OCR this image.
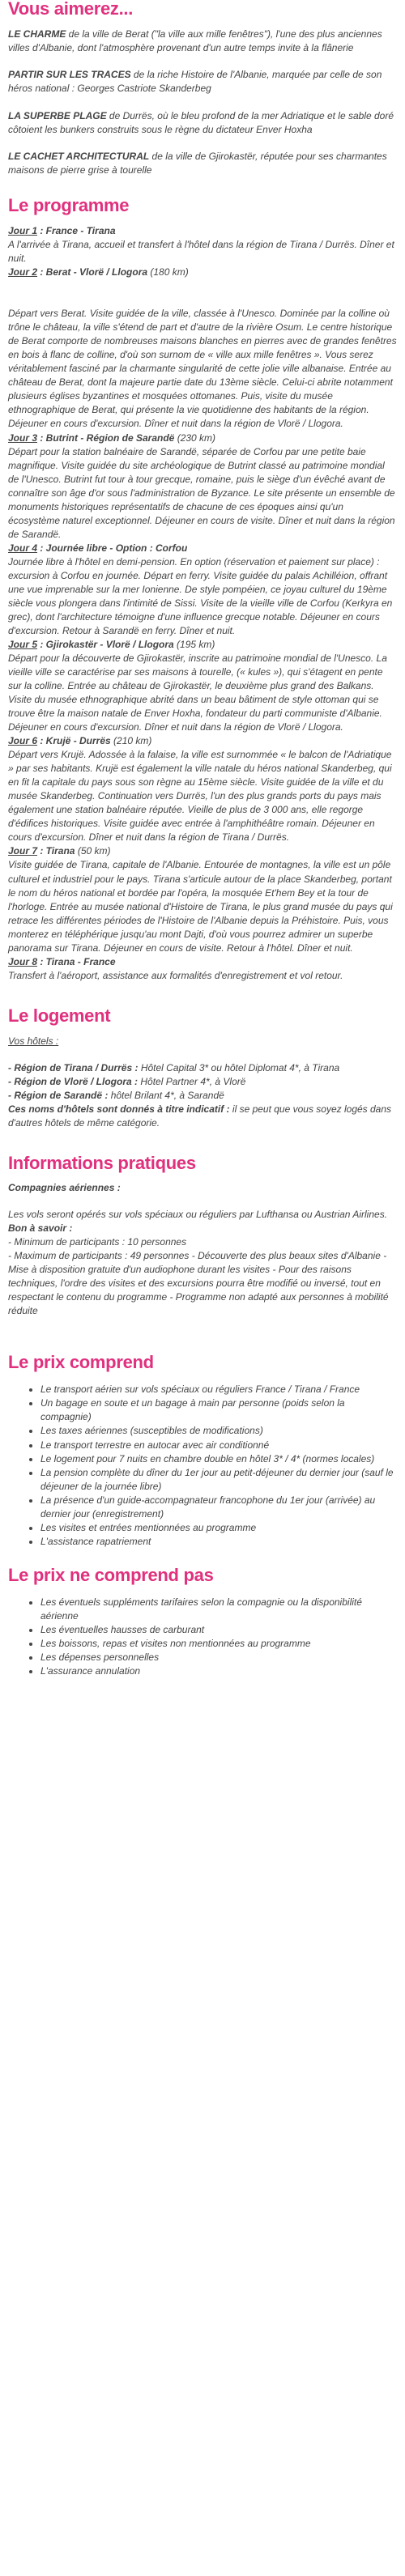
Vous aimerez...

LE CHARME de la ville de Berat ("la ville aux mille fenêtres"), l'une des plus anciennes villes d'Albanie, dont l'atmosphère provenant d'un autre temps invite à la flânerie

PARTIR SUR LES TRACES de la riche Histoire de l'Albanie, marquée par celle de son héros national : Georges Castriote Skanderbeg

LA SUPERBE PLAGE de Durrës, où le bleu profond de la mer Adriatique et le sable doré côtoient les bunkers construits sous le règne du dictateur Enver Hoxha

LE CACHET ARCHITECTURAL de la ville de Gjirokastër, réputée pour ses charmantes maisons de pierre grise à tourelle

Le programme

Jour 1 : France - Tirana

A l'arrivée à Tirana, accueil et transfert à l'hôtel dans la région de Tirana / Durrës. Dîner et nuit.

Jour 2 : Berat - Vlorë / Llogora (180 km)

Départ vers Berat. Visite guidée de la ville, classée à l'Unesco. Dominée par la colline où trône le château, la ville s'étend de part et d'autre de la rivière Osum. Le centre historique de Berat comporte de nombreuses maisons blanches en pierres avec de grandes fenêtres en bois à flanc de colline, d'où son surnom de « ville aux mille fenêtres ». Vous serez véritablement fasciné par la charmante singularité de cette jolie ville albanaise. Entrée au château de Berat, dont la majeure partie date du 13ème siècle. Celui-ci abrite notamment plusieurs églises byzantines et mosquées ottomanes. Puis, visite du musée ethnographique de Berat, qui présente la vie quotidienne des habitants de la région. Déjeuner en cours d'excursion. Dîner et nuit dans la région de Vlorë / Llogora.

Jour 3 : Butrint - Région de Sarandë (230 km)

Départ pour la station balnéaire de Sarandë, séparée de Corfou par une petite baie magnifique. Visite guidée du site archéologique de Butrint classé au patrimoine mondial de l'Unesco. Butrint fut tour à tour grecque, romaine, puis le siège d'un évêché avant de connaître son âge d'or sous l'administration de Byzance. Le site présente un ensemble de monuments historiques représentatifs de chacune de ces époques ainsi qu'un écosystème naturel exceptionnel. Déjeuner en cours de visite. Dîner et nuit dans la région de Sarandë.

Jour 4 : Journée libre - Option : Corfou

Journée libre à l'hôtel en demi-pension. En option (réservation et paiement sur place) : excursion à Corfou en journée. Départ en ferry. Visite guidée du palais Achilléion, offrant une vue imprenable sur la mer Ionienne. De style pompéien, ce joyau culturel du 19ème siècle vous plongera dans l'intimité de Sissi. Visite de la vieille ville de Corfou (Kerkyra en grec), dont l'architecture témoigne d'une influence grecque notable. Déjeuner en cours d'excursion. Retour à Sarandë en ferry. Dîner et nuit.

Jour 5 : Gjirokastër - Vlorë / Llogora (195 km)

Départ pour la découverte de Gjirokastër, inscrite au patrimoine mondial de l'Unesco. La vieille ville se caractérise par ses maisons à tourelle, (« kules »), qui s'étagent en pente sur la colline. Entrée au château de Gjirokastër, le deuxième plus grand des Balkans. Visite du musée ethnographique abrité dans un beau bâtiment de style ottoman qui se trouve être la maison natale de Enver Hoxha, fondateur du parti communiste d'Albanie. Déjeuner en cours d'excursion. Dîner et nuit dans la région de Vlorë / Llogora.

Jour 6 : Krujë - Durrës (210 km)

Départ vers Krujë. Adossée à la falaise, la ville est surnommée « le balcon de l'Adriatique » par ses habitants. Krujë est également la ville natale du héros national Skanderbeg, qui en fit la capitale du pays sous son règne au 15ème siècle. Visite guidée de la ville et du musée Skanderbeg. Continuation vers Durrës, l'un des plus grands ports du pays mais également une station balnéaire réputée. Vieille de plus de 3 000 ans, elle regorge d'édifices historiques. Visite guidée avec entrée à l'amphithéâtre romain. Déjeuner en cours d'excursion. Dîner et nuit dans la région de Tirana / Durrës.

Jour 7 : Tirana (50 km)

Visite guidée de Tirana, capitale de l'Albanie. Entourée de montagnes, la ville est un pôle culturel et industriel pour le pays. Tirana s'articule autour de la place Skanderbeg, portant le nom du héros national et bordée par l'opéra, la mosquée Et'hem Bey et la tour de l'horloge. Entrée au musée national d'Histoire de Tirana, le plus grand musée du pays qui retrace les différentes périodes de l'Histoire de l'Albanie depuis la Préhistoire. Puis, vous monterez en téléphérique jusqu'au mont Dajti, d'où vous pourrez admirer un superbe panorama sur Tirana. Déjeuner en cours de visite. Retour à l'hôtel. Dîner et nuit.

Jour 8 : Tirana - France

Transfert à l'aéroport, assistance aux formalités d'enregistrement et vol retour.

Le logement

Vos hôtels :

- Région de Tirana / Durrës : Hôtel Capital 3* ou hôtel Diplomat 4*, à Tirana

- Région de Vlorë / Llogora : Hôtel Partner 4*, à Vlorë

- Région de Sarandë : hôtel Brilant 4*, à Sarandë

Ces noms d'hôtels sont donnés à titre indicatif : il se peut que vous soyez logés dans d'autres hôtels de même catégorie.

Informations pratiques

Compagnies aériennes :

Les vols seront opérés sur vols spéciaux ou réguliers par Lufthansa ou Austrian Airlines.

Bon à savoir :

- Minimum de participants : 10 personnes
- Maximum de participants : 49 personnes - Découverte des plus beaux sites d'Albanie - Mise à disposition gratuite d'un audiophone durant les visites - Pour des raisons techniques, l'ordre des visites et des excursions pourra être modifié ou inversé, tout en respectant le contenu du programme - Programme non adapté aux personnes à mobilité réduite

Le prix comprend
• Le transport aérien sur vols spéciaux ou réguliers France / Tirana / France
• Un bagage en soute et un bagage à main par personne (poids selon la compagnie)
• Les taxes aériennes (susceptibles de modifications)
• Le transport terrestre en autocar avec air conditionné
• Le logement pour 7 nuits en chambre double en hôtel 3* / 4* (normes locales)
• La pension complète du dîner du 1er jour au petit-déjeuner du dernier jour (sauf le déjeuner de la journée libre)
• La présence d'un guide-accompagnateur francophone du 1er jour (arrivée) au dernier jour (enregistrement)
• Les visites et entrées mentionnées au programme
• L'assistance rapatriement
Le prix ne comprend pas
• Les éventuels suppléments tarifaires selon la compagnie ou la disponibilité aérienne
• Les éventuelles hausses de carburant
• Les boissons, repas et visites non mentionnées au programme
• Les dépenses personnelles
• L'assurance annulation
